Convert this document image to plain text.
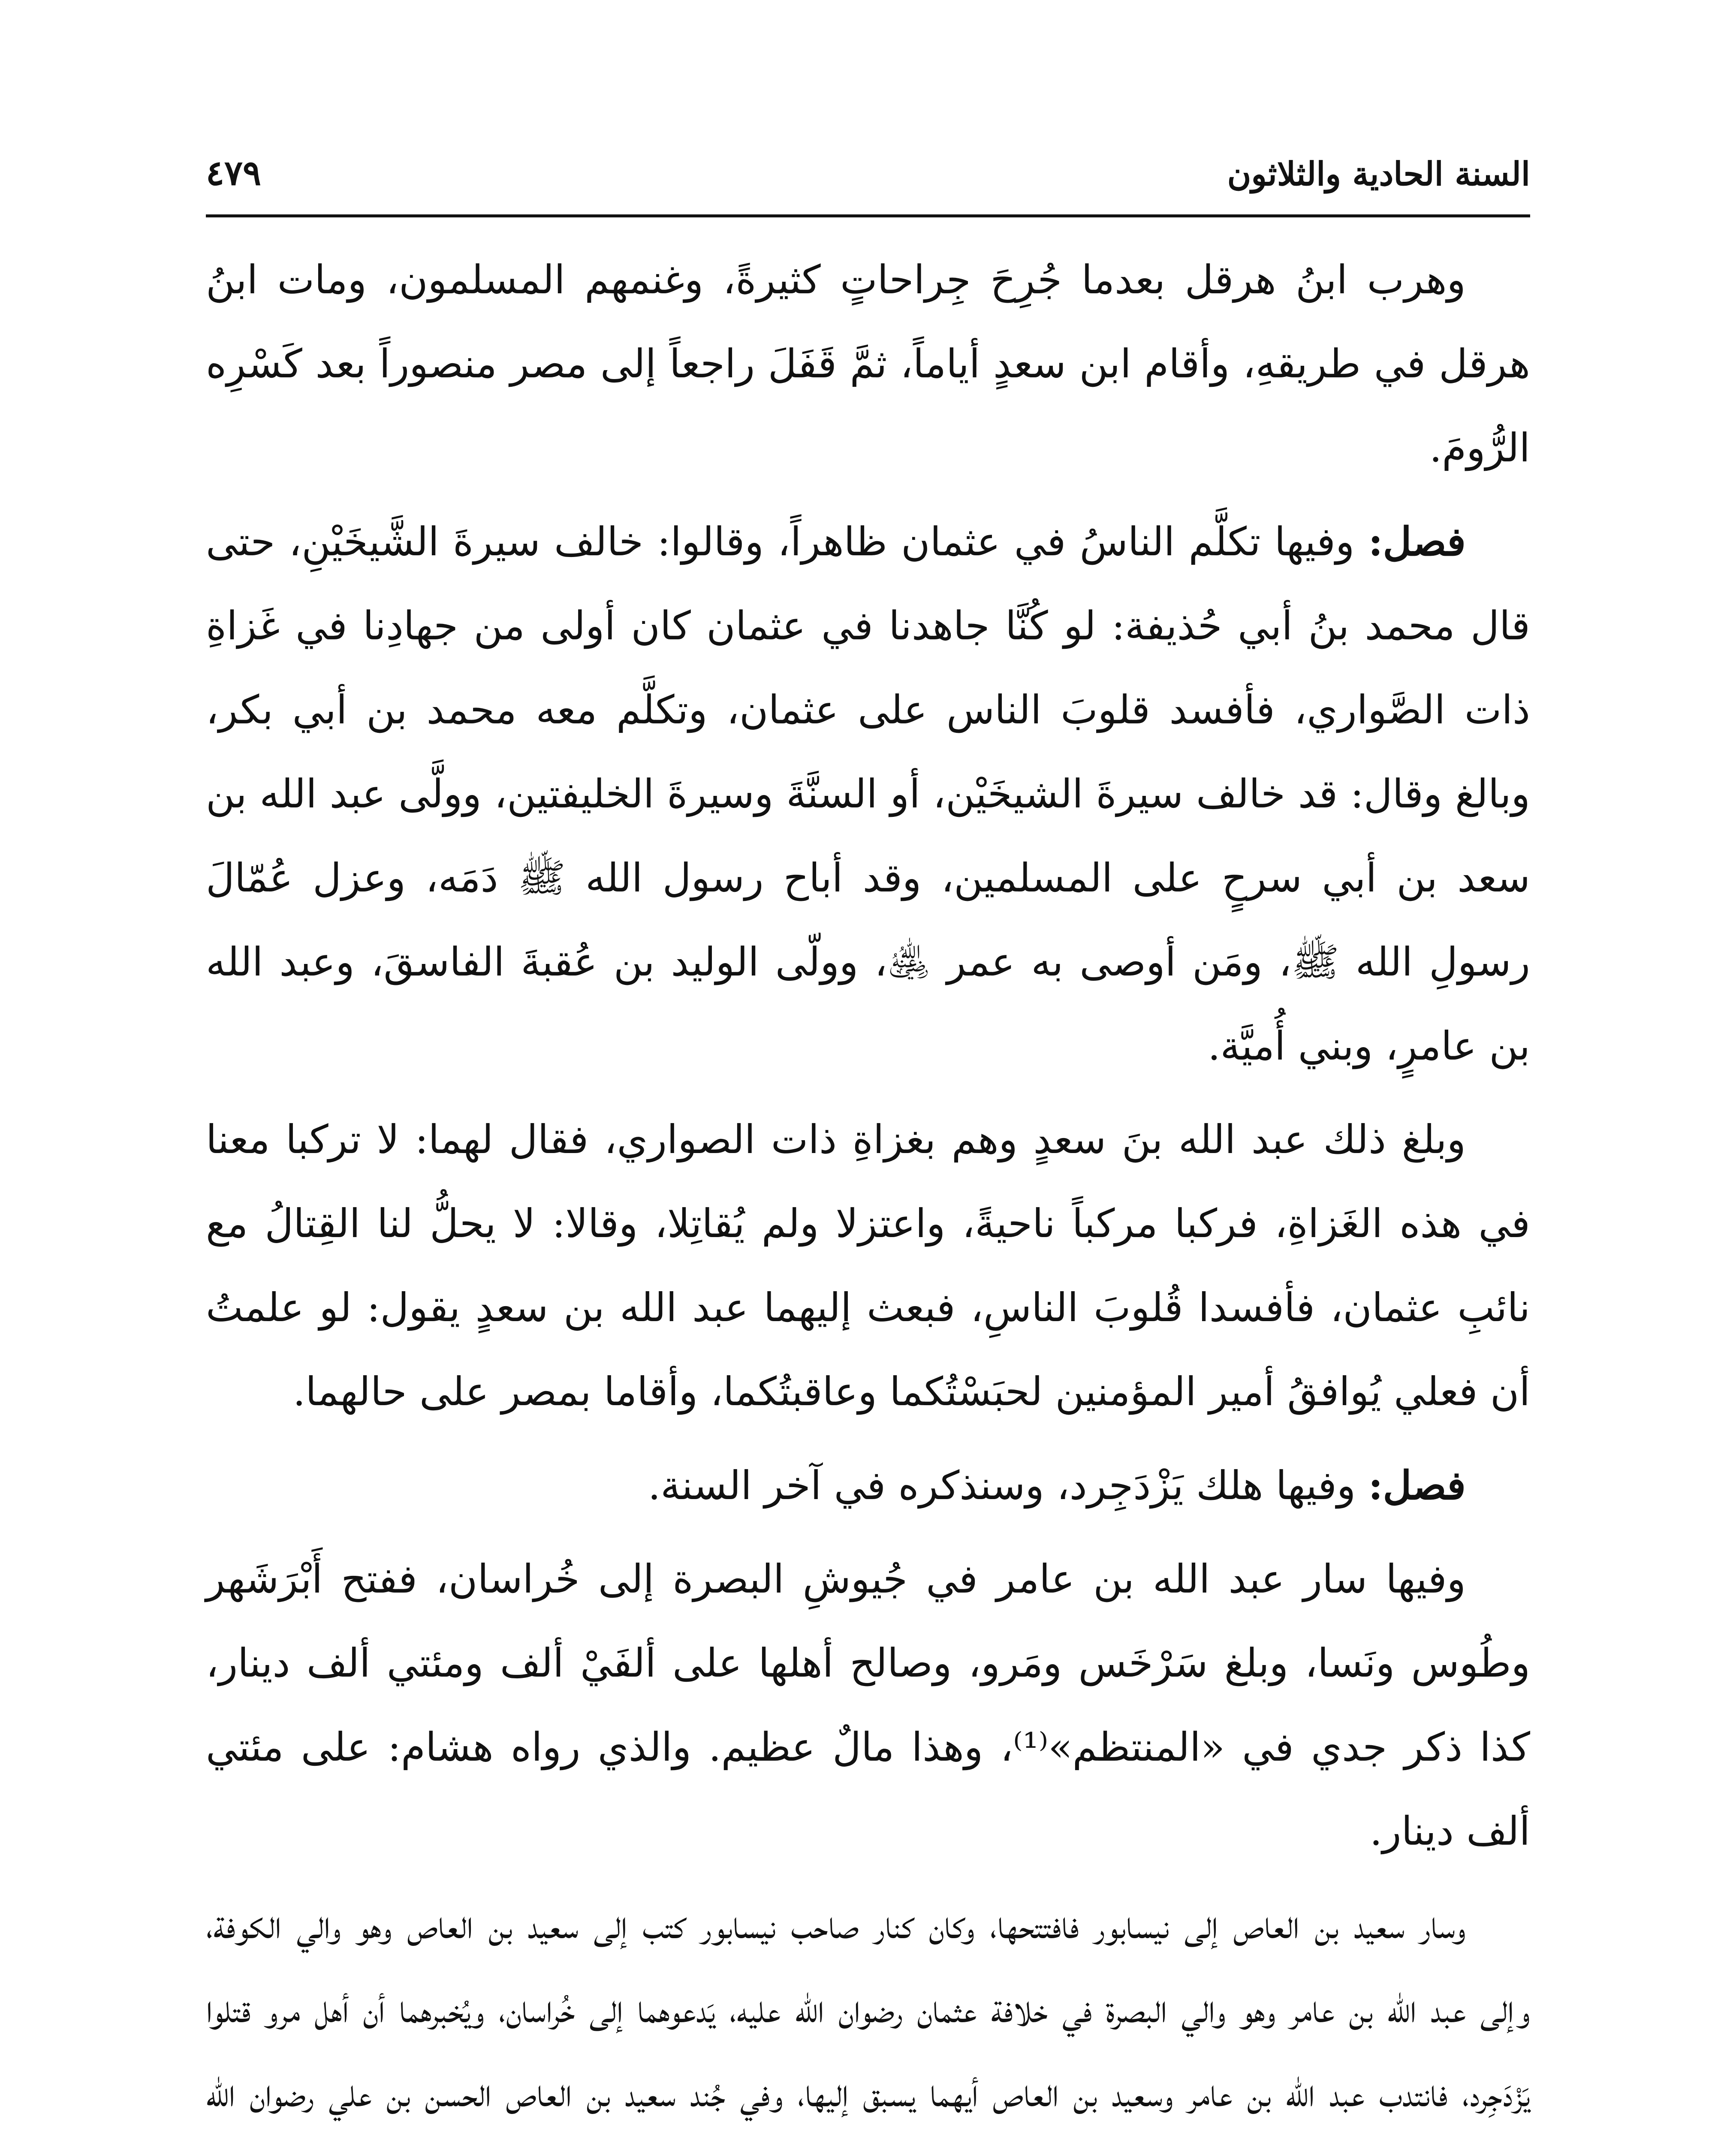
السنة الحادية والثلاثون
٤٧٩

وهرب ابنُ هرقل بعدما جُرِحَ جِراحاتٍ كثيرةً، وغنمهم المسلمون، ومات ابنُ هرقل في طريقهِ، وأقام ابن سعدٍ أياماً، ثمَّ قَفَلَ راجعاً إلى مصر منصوراً بعد كَسْرِه الرُّومَ.

فصل: وفيها تكلَّم الناسُ في عثمان ظاهراً، وقالوا: خالف سيرةَ الشَّيخَيْنِ، حتى قال محمد بنُ أبي حُذيفة: لو كُنَّا جاهدنا في عثمان كان أولى من جهادِنا في غَزاةِ ذات الصَّواري، فأفسد قلوبَ الناس على عثمان، وتكلَّم معه محمد بن أبي بكر، وبالغ وقال: قد خالف سيرةَ الشيخَيْن، أو السنَّةَ وسيرةَ الخليفتين، وولَّى عبد الله بن سعد بن أبي سرحٍ على المسلمين، وقد أباح رسول الله ﷺ دَمَه، وعزل عُمّالَ رسولِ الله ﷺ، ومَن أوصى به عمر ﵁، وولّى الوليد بن عُقبةَ الفاسقَ، وعبد الله بن عامرٍ، وبني أُميَّة.

وبلغ ذلك عبد الله بنَ سعدٍ وهم بغزاةِ ذات الصواري، فقال لهما: لا تركبا معنا في هذه الغَزاةِ، فركبا مركباً ناحيةً، واعتزلا ولم يُقاتِلا، وقالا: لا يحلُّ لنا القِتالُ مع نائبِ عثمان، فأفسدا قُلوبَ الناسِ، فبعث إليهما عبد الله بن سعدٍ يقول: لو علمتُ أن فعلي يُوافقُ أمير المؤمنين لحبَسْتُكما وعاقبتُكما، وأقاما بمصر على حالهما.

فصل: وفيها هلك يَزْدَجِرد، وسنذكره في آخر السنة.

وفيها سار عبد الله بن عامر في جُيوشِ البصرة إلى خُراسان، ففتح أَبْرَشَهر وطُوس ونَسا، وبلغ سَرْخَس ومَرو، وصالح أهلها على ألفَيْ ألف ومئتي ألف دينار، كذا ذكر جدي في «المنتظم»⁽¹⁾، وهذا مالٌ عظيم. والذي رواه هشام: على مئتي ألف دينار.

وسار سعيد بن العاص إلى نيسابور فافتتحها، وكان كنار صاحب نيسابور كتب إلى سعيد بن العاص وهو والي الكوفة، وإلى عبد الله بن عامر وهو والي البصرة في خلافة عثمان رضوان الله عليه، يَدعوهما إلى خُراسان، ويُخبرهما أن أهل مرو قتلوا يَزْدَجِرد، فانتدب عبد الله بن عامر وسعيد بن العاص أيهما يسبق إليها، وفي جُند سعيد بن العاص الحسن بن علي رضوان الله
